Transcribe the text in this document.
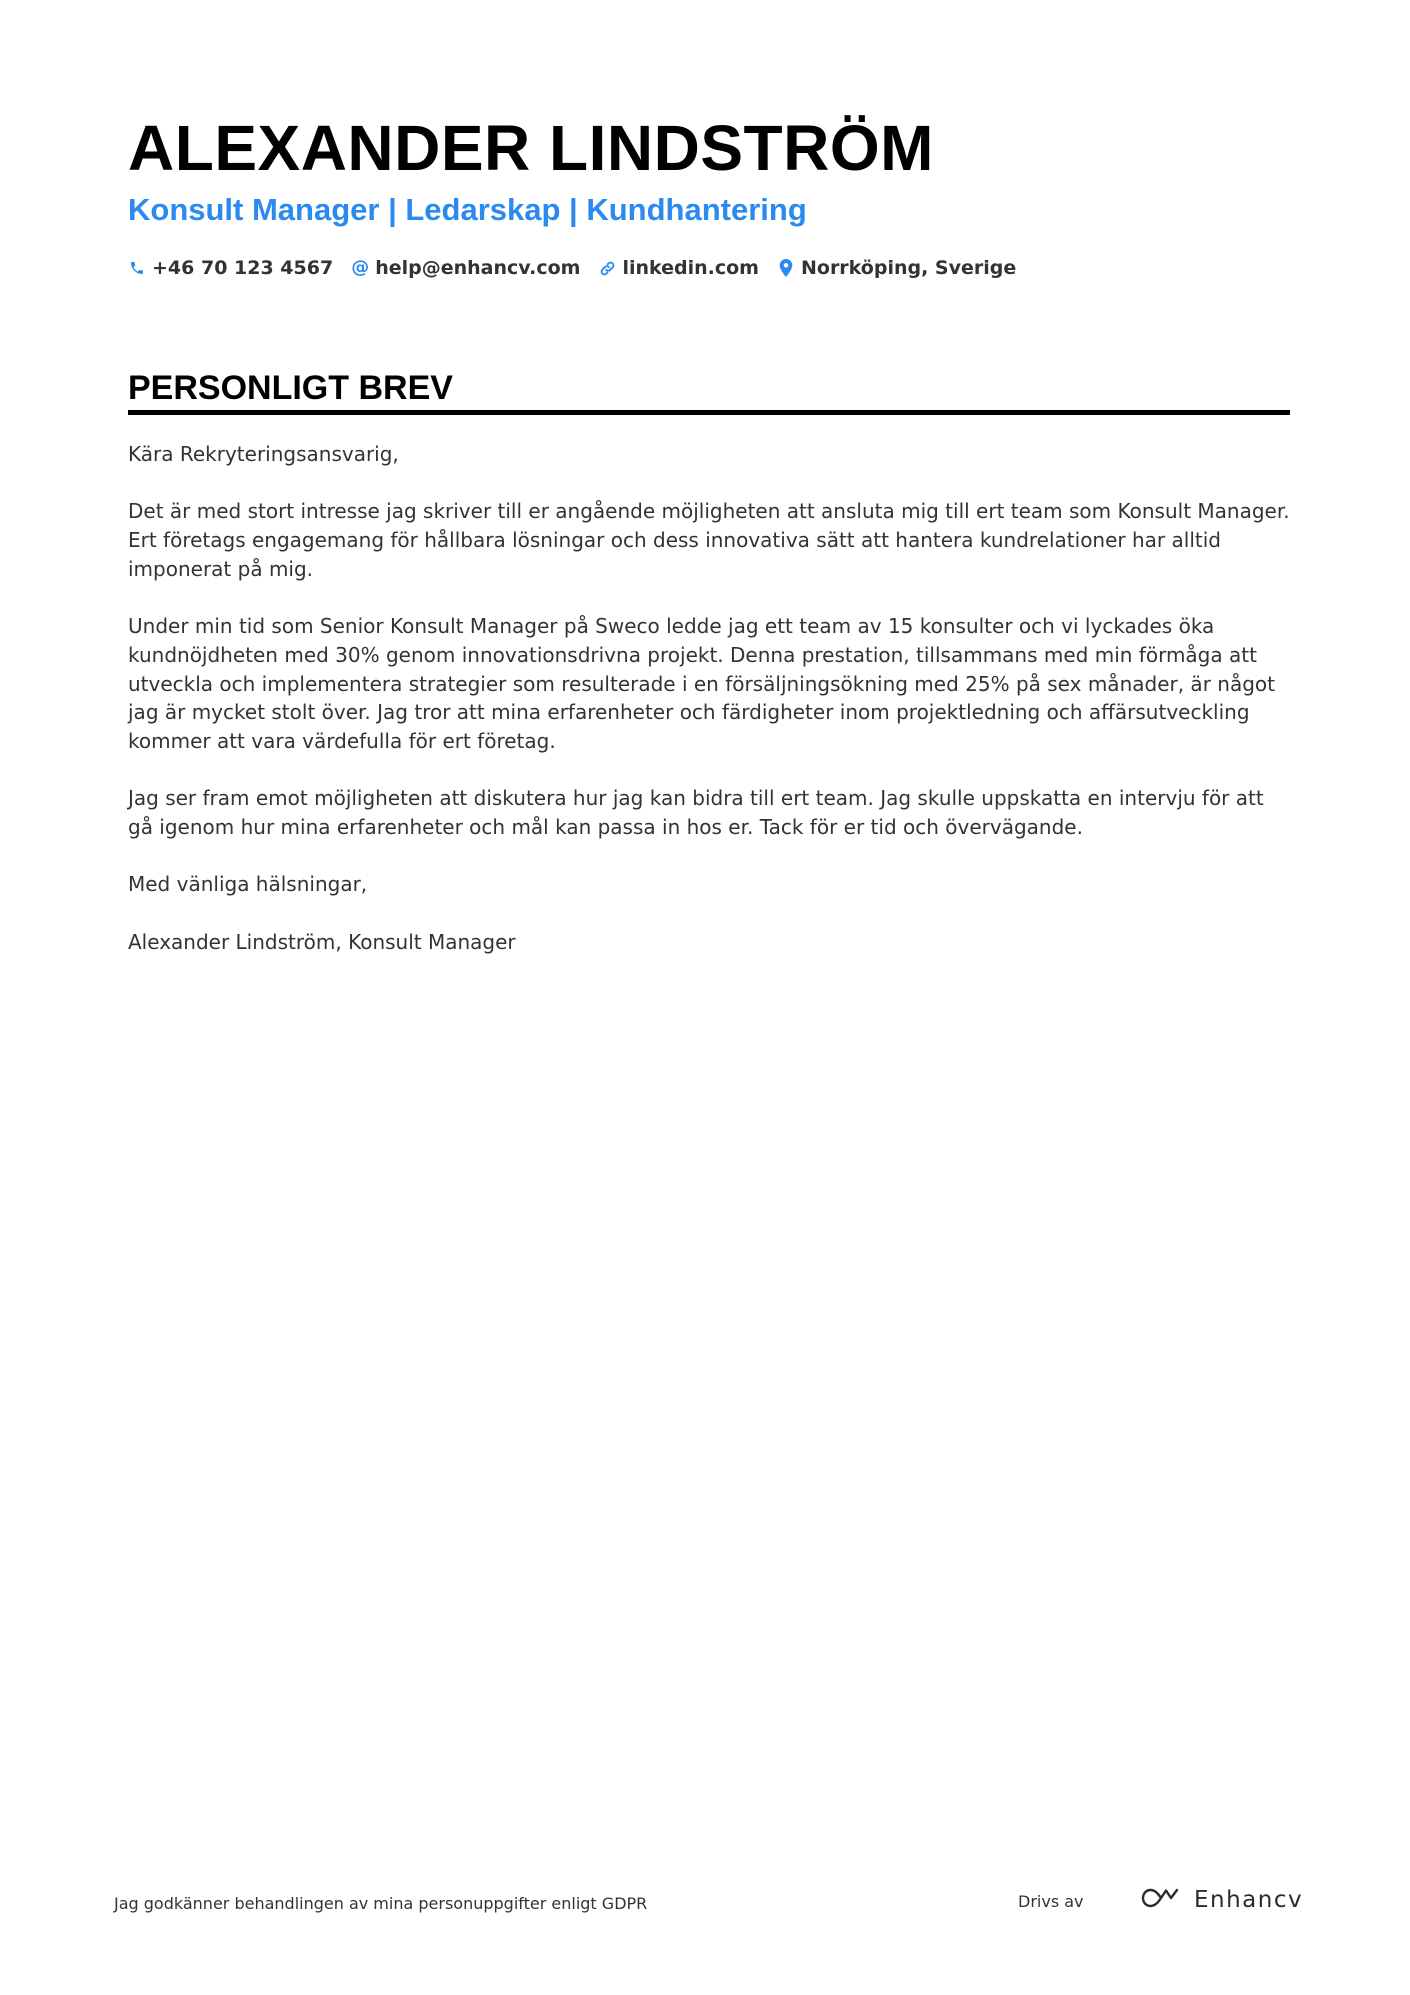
ALEXANDER LINDSTRÖM
Konsult Manager | Ledarskap | Kundhantering
+46 70 123 4567 @ help@enhancv.com linkedin.com Norrköping, Sverige
PERSONLIGT BREV

Kära Rekryteringsansvarig,

Det är med stort intresse jag skriver till er angående möjligheten att ansluta mig till ert team som Konsult Manager. Ert företags engagemang för hållbara lösningar och dess innovativa sätt att hantera kundrelationer har alltid imponerat på mig.

Under min tid som Senior Konsult Manager på Sweco ledde jag ett team av 15 konsulter och vi lyckades öka kundnöjdheten med 30% genom innovationsdrivna projekt. Denna prestation, tillsammans med min förmåga att utveckla och implementera strategier som resulterade i en försäljningsökning med 25% på sex månader, är något jag är mycket stolt över. Jag tror att mina erfarenheter och färdigheter inom projektledning och affärsutveckling kommer att vara värdefulla för ert företag.

Jag ser fram emot möjligheten att diskutera hur jag kan bidra till ert team. Jag skulle uppskatta en intervju för att gå igenom hur mina erfarenheter och mål kan passa in hos er. Tack för er tid och övervägande.

Med vänliga hälsningar,

Alexander Lindström, Konsult Manager

Jag godkänner behandlingen av mina personuppgifter enligt GDPR	Drivs av	Enhancv
